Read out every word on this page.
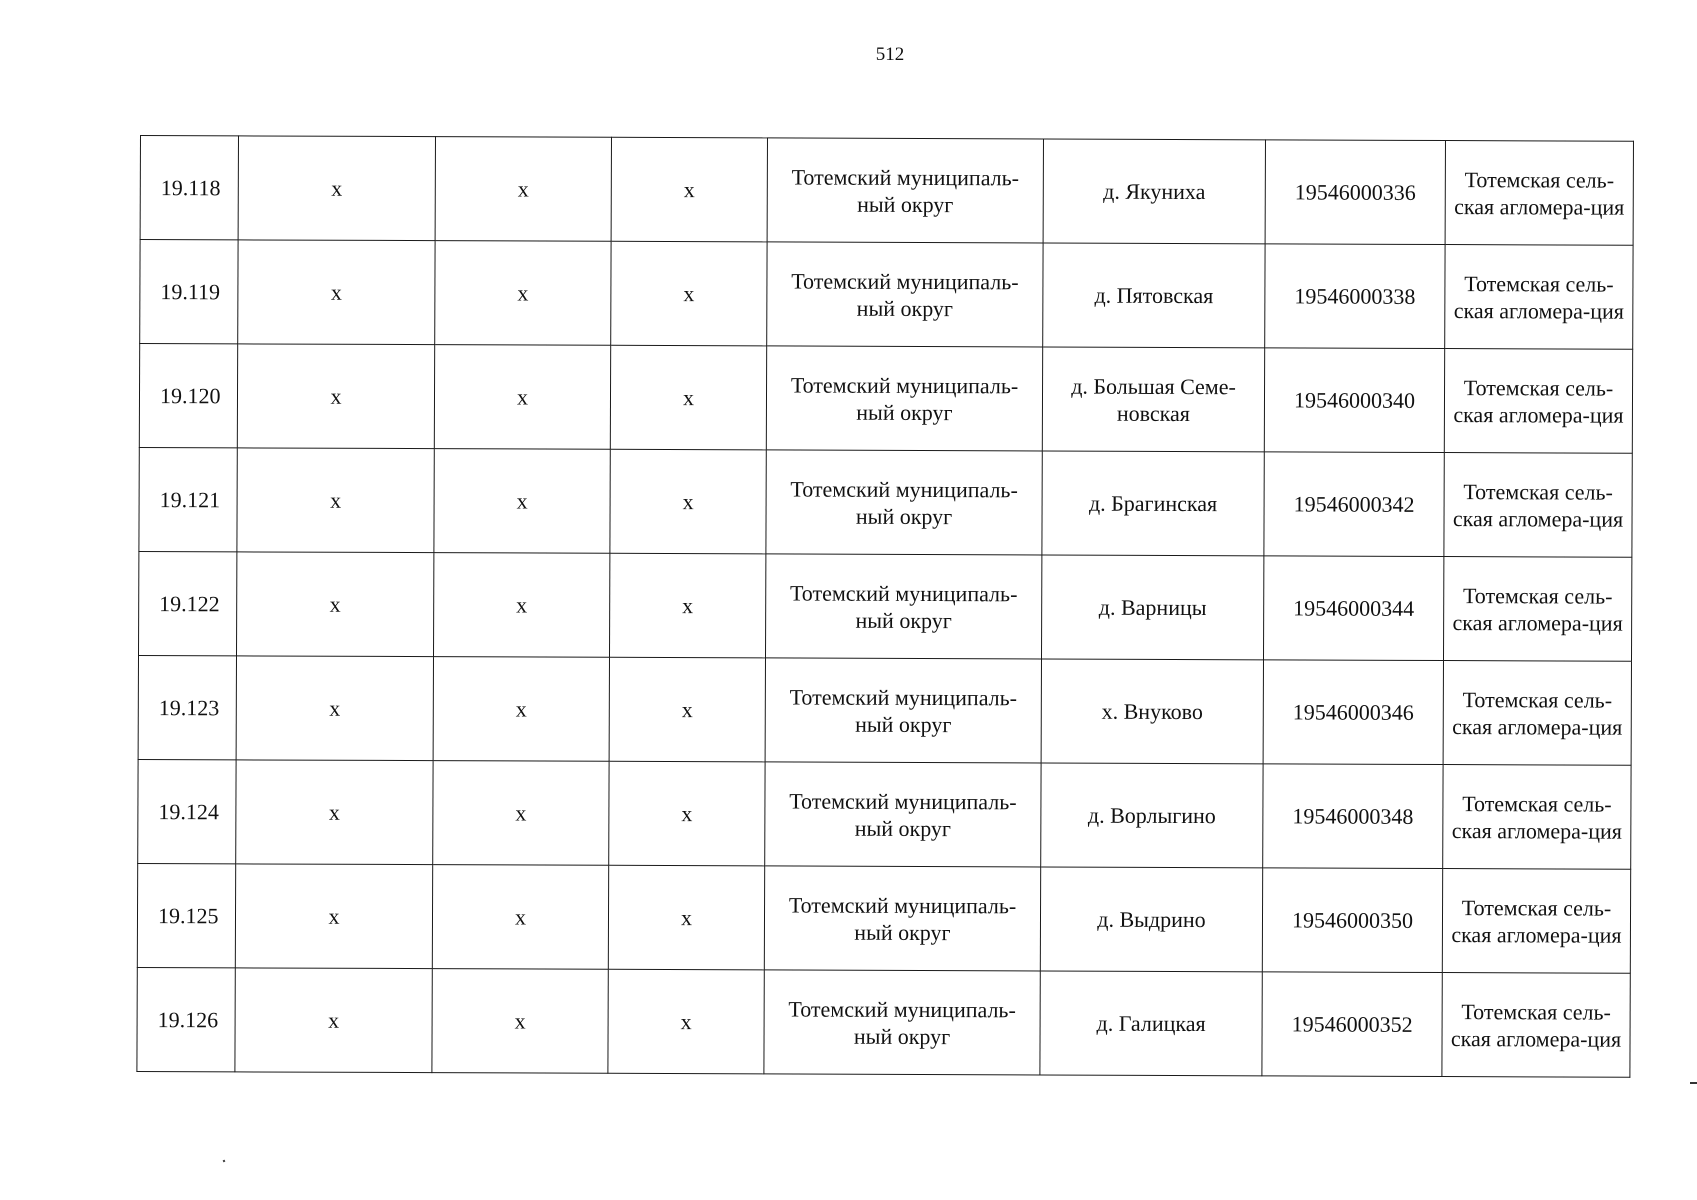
512
19.118	x	x	x	Тотемский муниципаль-ный округ	д. Якуниха	19546000336	Тотемская сель-ская агломера-ция
19.119	x	x	x	Тотемский муниципаль-ный округ	д. Пятовская	19546000338	Тотемская сель-ская агломера-ция
19.120	x	x	x	Тотемский муниципаль-ный округ	д. Большая Семе-новская	19546000340	Тотемская сель-ская агломера-ция
19.121	x	x	x	Тотемский муниципаль-ный округ	д. Брагинская	19546000342	Тотемская сель-ская агломера-ция
19.122	x	x	x	Тотемский муниципаль-ный округ	д. Варницы	19546000344	Тотемская сель-ская агломера-ция
19.123	x	x	x	Тотемский муниципаль-ный округ	х. Внуково	19546000346	Тотемская сель-ская агломера-ция
19.124	x	x	x	Тотемский муниципаль-ный округ	д. Ворлыгино	19546000348	Тотемская сель-ская агломера-ция
19.125	x	x	x	Тотемский муниципаль-ный округ	д. Выдрино	19546000350	Тотемская сель-ская агломера-ция
19.126	x	x	x	Тотемский муниципаль-ный округ	д. Галицкая	19546000352	Тотемская сель-ская агломера-ция
